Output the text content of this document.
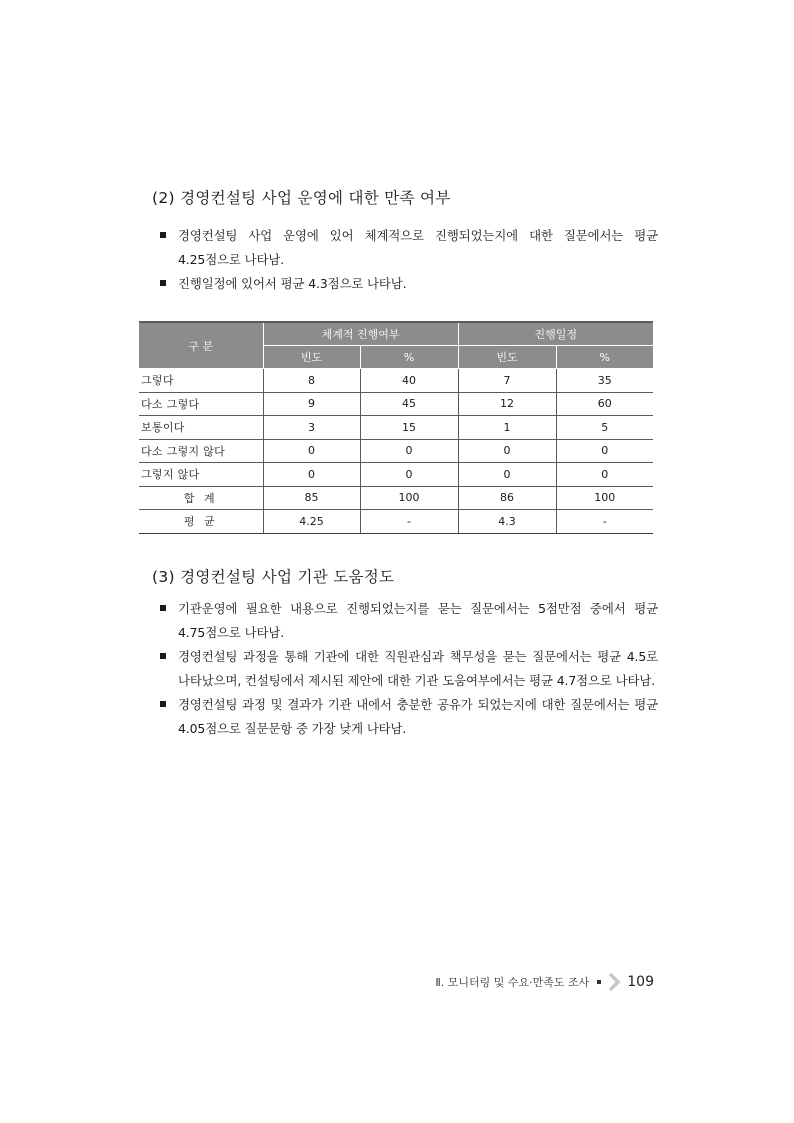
(2) 경영컨설팅 사업 운영에 대한 만족 여부
경영컨설팅 사업 운영에 있어 체계적으로 진행되었는지에 대한 질문에서는 평균 4.25점으로 나타남.
진행일정에 있어서 평균 4.3점으로 나타남.
구 분	체계적 진행여부		진행일정	
	빈도	%	빈도	%
그렇다	8	40	7	35
다소 그렇다	9	45	12	60
보통이다	3	15	1	5
다소 그렇지 않다	0	0	0	0
그렇지 않다	0	0	0	0
합 계	85	100	86	100
평 균	4.25	-	4.3	-
(3) 경영컨설팅 사업 기관 도움정도
기관운영에 필요한 내용으로 진행되었는지를 묻는 질문에서는 5점만점 중에서 평균 4.75점으로 나타남.
경영컨설팅 과정을 통해 기관에 대한 직원관심과 책무성을 묻는 질문에서는 평균 4.5로 나타났으며, 컨설팅에서 제시된 제안에 대한 기관 도움여부에서는 평균 4.7점으로 나타남.
경영컨설팅 과정 및 결과가 기관 내에서 충분한 공유가 되었는지에 대한 질문에서는 평균 4.05점으로 질문문항 중 가장 낮게 나타남.
Ⅱ. 모니터링 및 수요·만족도 조사	109
